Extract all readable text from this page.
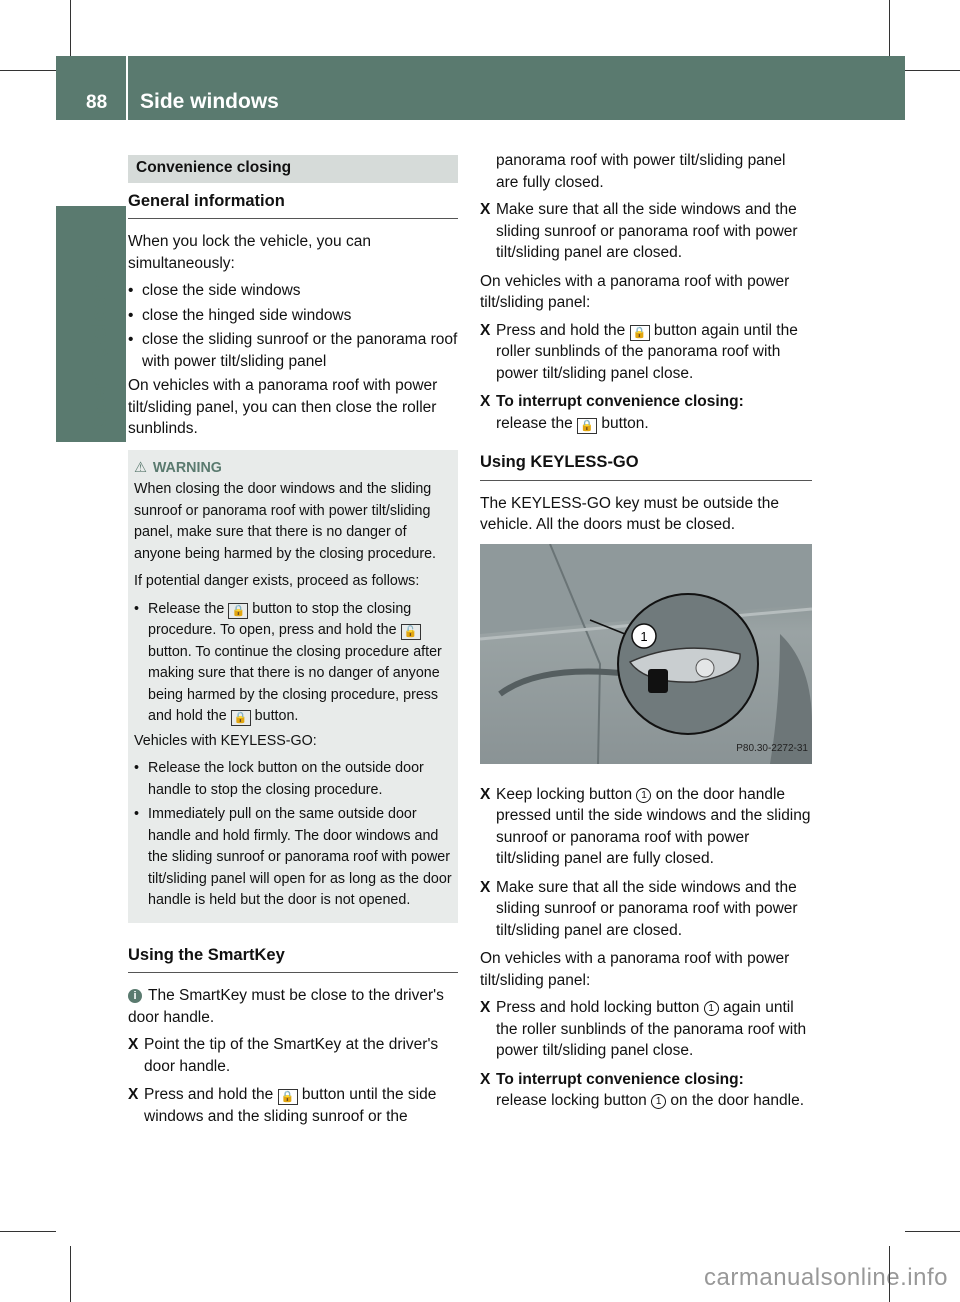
88 Side windows
Opening/closing
Convenience closing
General information

When you lock the vehicle, you can simultaneously:

• close the side windows
• close the hinged side windows
• close the sliding sunroof or the panorama roof with power tilt/sliding panel

On vehicles with a panorama roof with power tilt/sliding panel, you can then close the roller sunblinds.

⚠ WARNING

When closing the door windows and the sliding sunroof or panorama roof with power tilt/sliding panel, make sure that there is no danger of anyone being harmed by the closing procedure.

If potential danger exists, proceed as follows:

• Release the 🔒 button to stop the closing procedure. To open, press and hold the 🔓 button. To continue the closing procedure after making sure that there is no danger of anyone being harmed by the closing procedure, press and hold the 🔒 button.

Vehicles with KEYLESS-GO:

• Release the lock button on the outside door handle to stop the closing procedure.
• Immediately pull on the same outside door handle and hold firmly. The door windows and the sliding sunroof or panorama roof with power tilt/sliding panel will open for as long as the door handle is held but the door is not opened.
Using the SmartKey

i The SmartKey must be close to the driver's door handle.

X Point the tip of the SmartKey at the driver's door handle.
X Press and hold the 🔒 button until the side windows and the sliding sunroof or the

panorama roof with power tilt/sliding panel are fully closed.

X Make sure that all the side windows and the sliding sunroof or panorama roof with power tilt/sliding panel are closed.

On vehicles with a panorama roof with power tilt/sliding panel:

X Press and hold the 🔒 button again until the roller sunblinds of the panorama roof with power tilt/sliding panel close.
X To interrupt convenience closing:
release the 🔒 button.
Using KEYLESS-GO

The KEYLESS-GO key must be outside the vehicle. All the doors must be closed.

1
P80.30-2272-31
X Keep locking button 1 on the door handle pressed until the side windows and the sliding sunroof or panorama roof with power tilt/sliding panel are fully closed.
X Make sure that all the side windows and the sliding sunroof or panorama roof with power tilt/sliding panel are closed.

On vehicles with a panorama roof with power tilt/sliding panel:

X Press and hold locking button 1 again until the roller sunblinds of the panorama roof with power tilt/sliding panel close.
X To interrupt convenience closing:
release locking button 1 on the door handle.
carmanualsonline.info
